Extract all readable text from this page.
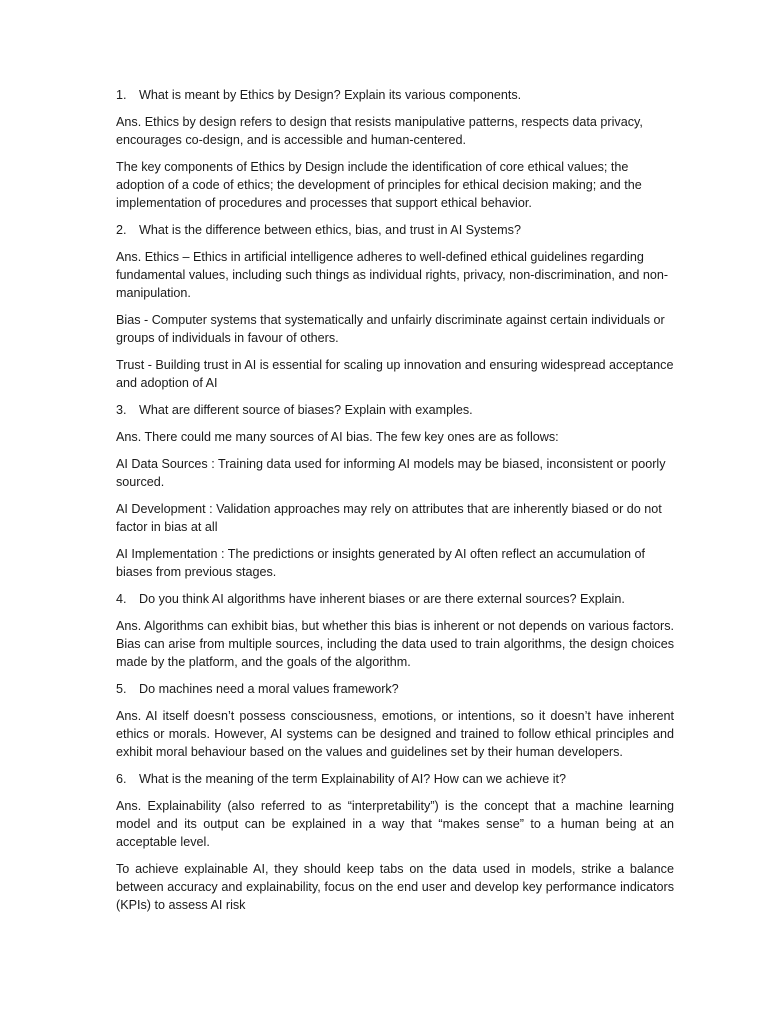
1. What is meant by Ethics by Design? Explain its various components.

Ans. Ethics by design refers to design that resists manipulative patterns, respects data privacy, encourages co-design, and is accessible and human-centered.

The key components of Ethics by Design include the identification of core ethical values; the adoption of a code of ethics; the development of principles for ethical decision making; and the implementation of procedures and processes that support ethical behavior.

2. What is the difference between ethics, bias, and trust in AI Systems?

Ans. Ethics – Ethics in artificial intelligence adheres to well-defined ethical guidelines regarding fundamental values, including such things as individual rights, privacy, non-discrimination, and non-manipulation.

Bias - Computer systems that systematically and unfairly discriminate against certain individuals or groups of individuals in favour of others.

Trust - Building trust in AI is essential for scaling up innovation and ensuring widespread acceptance and adoption of AI

3. What are different source of biases? Explain with examples.

Ans. There could me many sources of AI bias. The few key ones are as follows:

AI Data Sources : Training data used for informing AI models may be biased, inconsistent or poorly sourced.

AI Development : Validation approaches may rely on attributes that are inherently biased or do not factor in bias at all

AI Implementation : The predictions or insights generated by AI often reflect an accumulation of biases from previous stages.

4. Do you think AI algorithms have inherent biases or are there external sources? Explain.

Ans. Algorithms can exhibit bias, but whether this bias is inherent or not depends on various factors. Bias can arise from multiple sources, including the data used to train algorithms, the design choices made by the platform, and the goals of the algorithm.

5. Do machines need a moral values framework?

Ans. AI itself doesn’t possess consciousness, emotions, or intentions, so it doesn’t have inherent ethics or morals. However, AI systems can be designed and trained to follow ethical principles and exhibit moral behaviour based on the values and guidelines set by their human developers.

6. What is the meaning of the term Explainability of AI? How can we achieve it?

Ans. Explainability (also referred to as “interpretability”) is the concept that a machine learning model and its output can be explained in a way that “makes sense” to a human being at an acceptable level.

To achieve explainable AI, they should keep tabs on the data used in models, strike a balance between accuracy and explainability, focus on the end user and develop key performance indicators (KPIs) to assess AI risk
